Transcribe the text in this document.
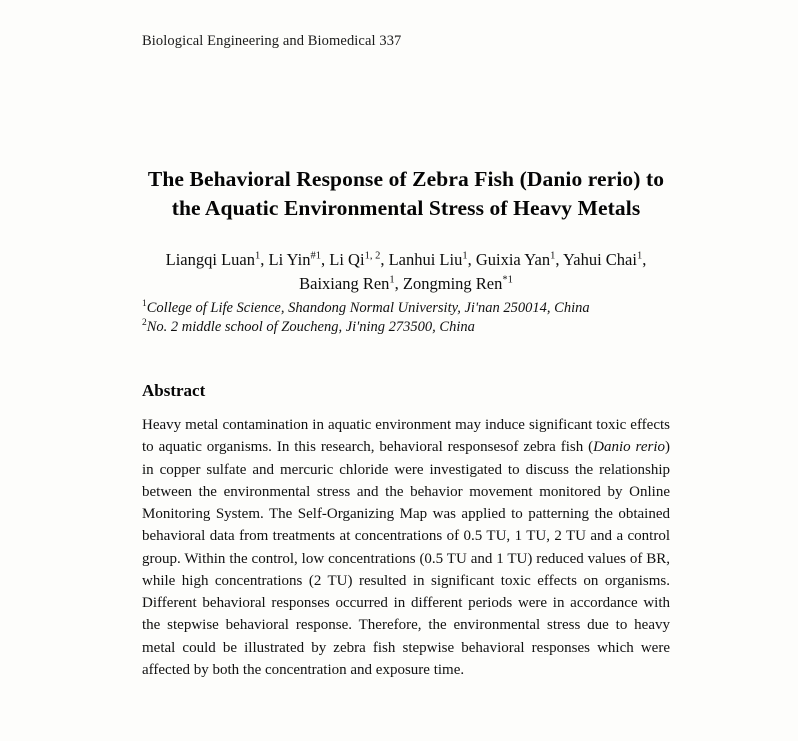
Biological Engineering and Biomedical 337
The Behavioral Response of Zebra Fish (Danio rerio) to the Aquatic Environmental Stress of Heavy Metals
Liangqi Luan$^1$, Li Yin$^{\#1}$, Li Qi$^{1, 2}$, Lanhui Liu$^1$, Guixia Yan$^1$, Yahui Chai$^1$, Baixiang Ren$^1$, Zongming Ren$^{*1}$
$^1$College of Life Science, Shandong Normal University, Ji'nan 250014, China
$^2$No. 2 middle school of Zoucheng, Ji'ning 273500, China
Abstract
Heavy metal contamination in aquatic environment may induce significant toxic effects to aquatic organisms. In this research, behavioral responsesof zebra fish (Danio rerio) in copper sulfate and mercuric chloride were investigated to discuss the relationship between the environmental stress and the behavior movement monitored by Online Monitoring System. The Self-Organizing Map was applied to patterning the obtained behavioral data from treatments at concentrations of 0.5 TU, 1 TU, 2 TU and a control group. Within the control, low concentrations (0.5 TU and 1 TU) reduced values of BR, while high concentrations (2 TU) resulted in significant toxic effects on organisms. Different behavioral responses occurred in different periods were in accordance with the stepwise behavioral response. Therefore, the environmental stress due to heavy metal could be illustrated by zebra fish stepwise behavioral responses which were affected by both the concentration and exposure time.
